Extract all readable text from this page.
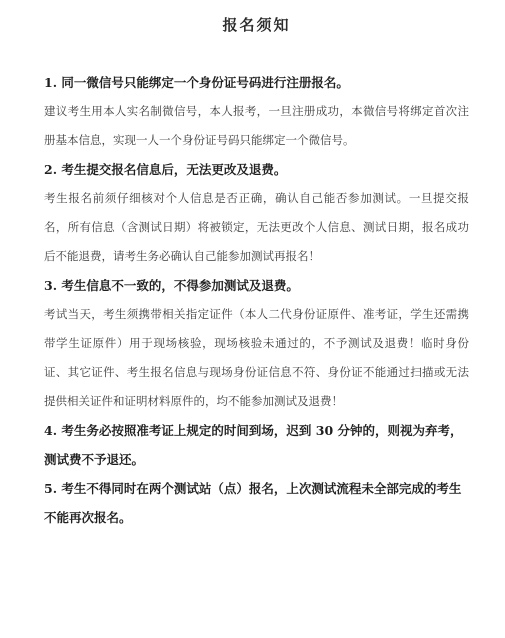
报名须知

1. 同一微信号只能绑定一个身份证号码进行注册报名。

建议考生用本人实名制微信号，本人报考，一旦注册成功，本微信号将绑定首次注册基本信息，实现一人一个身份证号码只能绑定一个微信号。

2. 考生提交报名信息后，无法更改及退费。

考生报名前须仔细核对个人信息是否正确，确认自己能否参加测试。一旦提交报名，所有信息（含测试日期）将被锁定，无法更改个人信息、测试日期，报名成功后不能退费，请考生务必确认自己能参加测试再报名！

3. 考生信息不一致的，不得参加测试及退费。

考试当天，考生须携带相关指定证件（本人二代身份证原件、准考证，学生还需携带学生证原件）用于现场核验，现场核验未通过的，不予测试及退费！临时身份证、其它证件、考生报名信息与现场身份证信息不符、身份证不能通过扫描或无法提供相关证件和证明材料原件的，均不能参加测试及退费！

4. 考生务必按照准考证上规定的时间到场，迟到 30 分钟的，则视为弃考，测试费不予退还。

5. 考生不得同时在两个测试站（点）报名，上次测试流程未全部完成的考生不能再次报名。
